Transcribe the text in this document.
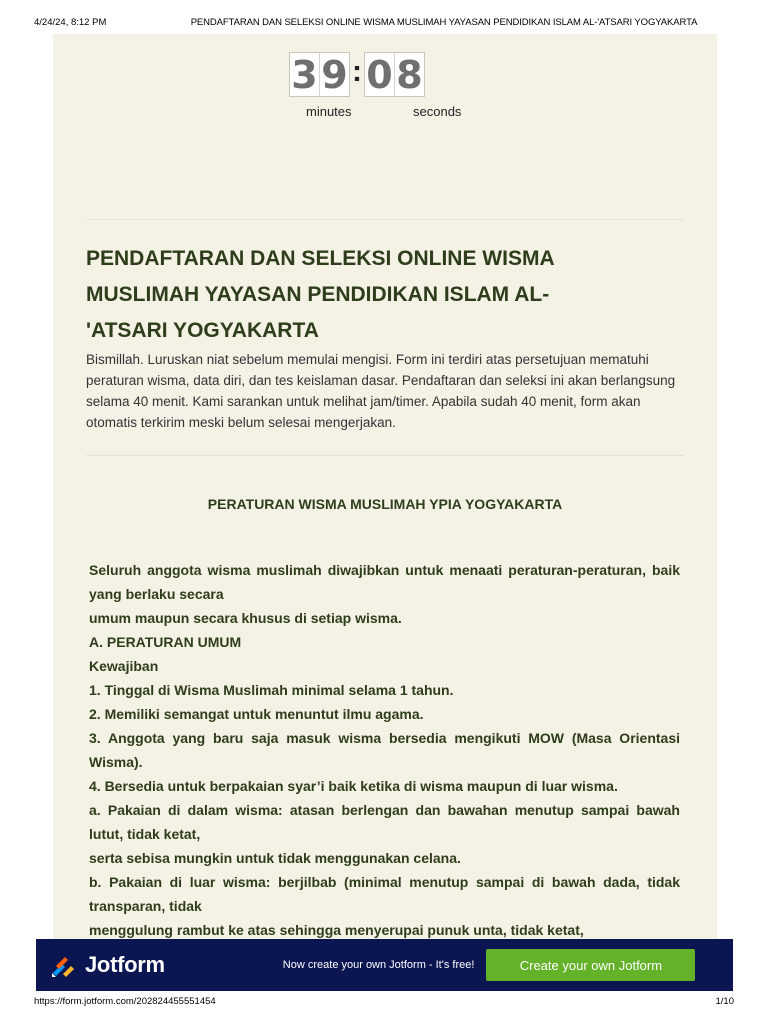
4/24/24, 8:12 PM	PENDAFTARAN DAN SELEKSI ONLINE WISMA MUSLIMAH YAYASAN PENDIDIKAN ISLAM AL-'ATSARI YOGYAKARTA
3 9 : 0 8
minutes	seconds
PENDAFTARAN DAN SELEKSI ONLINE WISMA MUSLIMAH YAYASAN PENDIDIKAN ISLAM AL-'ATSARI YOGYAKARTA

Bismillah. Luruskan niat sebelum memulai mengisi. Form ini terdiri atas persetujuan mematuhi peraturan wisma, data diri, dan tes keislaman dasar. Pendaftaran dan seleksi ini akan berlangsung selama 40 menit. Kami sarankan untuk melihat jam/timer. Apabila sudah 40 menit, form akan otomatis terkirim meski belum selesai mengerjakan.

PERATURAN WISMA MUSLIMAH YPIA YOGYAKARTA

Seluruh anggota wisma muslimah diwajibkan untuk menaati peraturan-peraturan, baik yang berlaku secara

umum maupun secara khusus di setiap wisma.

A. PERATURAN UMUM

Kewajiban

1. Tinggal di Wisma Muslimah minimal selama 1 tahun.

2. Memiliki semangat untuk menuntut ilmu agama.

3. Anggota yang baru saja masuk wisma bersedia mengikuti MOW (Masa Orientasi Wisma).

4. Bersedia untuk berpakaian syar’i baik ketika di wisma maupun di luar wisma.

a. Pakaian di dalam wisma: atasan berlengan dan bawahan menutup sampai bawah lutut, tidak ketat,

serta sebisa mungkin untuk tidak menggunakan celana.

b. Pakaian di luar wisma: berjilbab (minimal menutup sampai di bawah dada, tidak transparan, tidak

menggulung rambut ke atas sehingga menyerupai punuk unta, tidak ketat,

Jotform	Now create your own Jotform - It's free!	Create your own Jotform
https://form.jotform.com/202824455551454	1/10
